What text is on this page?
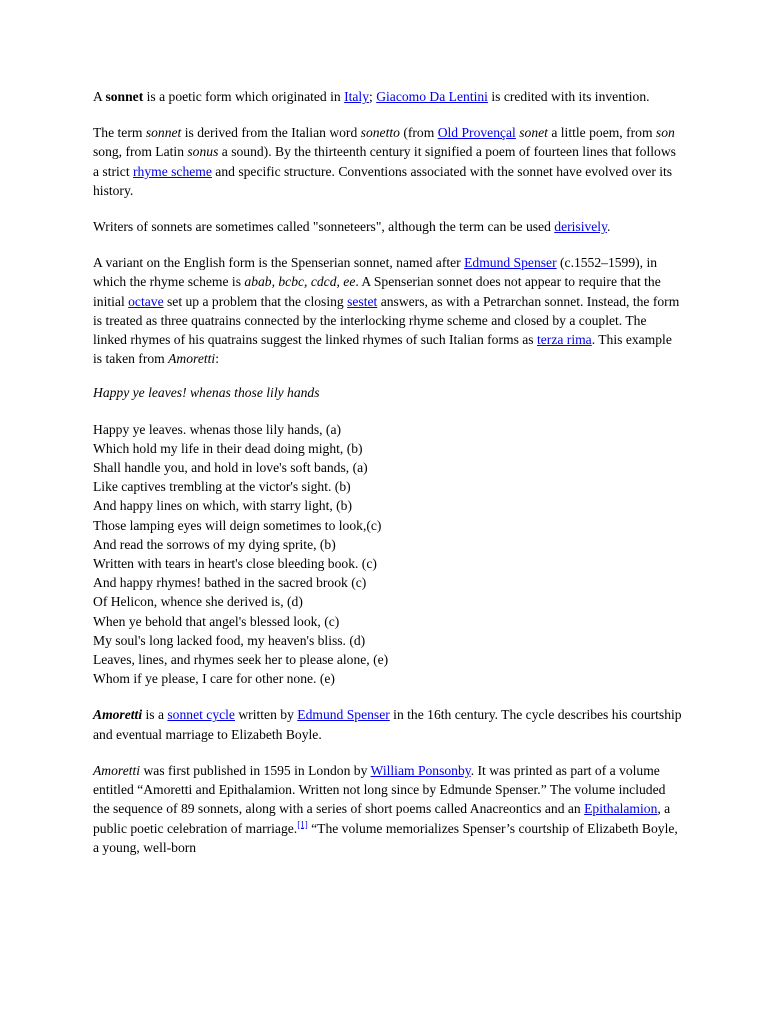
A sonnet is a poetic form which originated in Italy; Giacomo Da Lentini is credited with its invention.

The term sonnet is derived from the Italian word sonetto (from Old Provençal sonet a little poem, from son song, from Latin sonus a sound). By the thirteenth century it signified a poem of fourteen lines that follows a strict rhyme scheme and specific structure. Conventions associated with the sonnet have evolved over its history.

Writers of sonnets are sometimes called "sonneteers", although the term can be used derisively.

A variant on the English form is the Spenserian sonnet, named after Edmund Spenser (c.1552–1599), in which the rhyme scheme is abab, bcbc, cdcd, ee. A Spenserian sonnet does not appear to require that the initial octave set up a problem that the closing sestet answers, as with a Petrarchan sonnet. Instead, the form is treated as three quatrains connected by the interlocking rhyme scheme and closed by a couplet. The linked rhymes of his quatrains suggest the linked rhymes of such Italian forms as terza rima. This example is taken from Amoretti:

Happy ye leaves! whenas those lily hands

Happy ye leaves. whenas those lily hands, (a)
Which hold my life in their dead doing might, (b)
Shall handle you, and hold in love's soft bands, (a)
Like captives trembling at the victor's sight. (b)
And happy lines on which, with starry light, (b)
Those lamping eyes will deign sometimes to look,(c)
And read the sorrows of my dying sprite, (b)
Written with tears in heart's close bleeding book. (c)
And happy rhymes! bathed in the sacred brook (c)
Of Helicon, whence she derived is, (d)
When ye behold that angel's blessed look, (c)
My soul's long lacked food, my heaven's bliss. (d)
Leaves, lines, and rhymes seek her to please alone, (e)
Whom if ye please, I care for other none. (e)

Amoretti is a sonnet cycle written by Edmund Spenser in the 16th century. The cycle describes his courtship and eventual marriage to Elizabeth Boyle.

Amoretti was first published in 1595 in London by William Ponsonby. It was printed as part of a volume entitled “Amoretti and Epithalamion. Written not long since by Edmunde Spenser.” The volume included the sequence of 89 sonnets, along with a series of short poems called Anacreontics and an Epithalamion, a public poetic celebration of marriage.[1] “The volume memorializes Spenser’s courtship of Elizabeth Boyle, a young, well-born
